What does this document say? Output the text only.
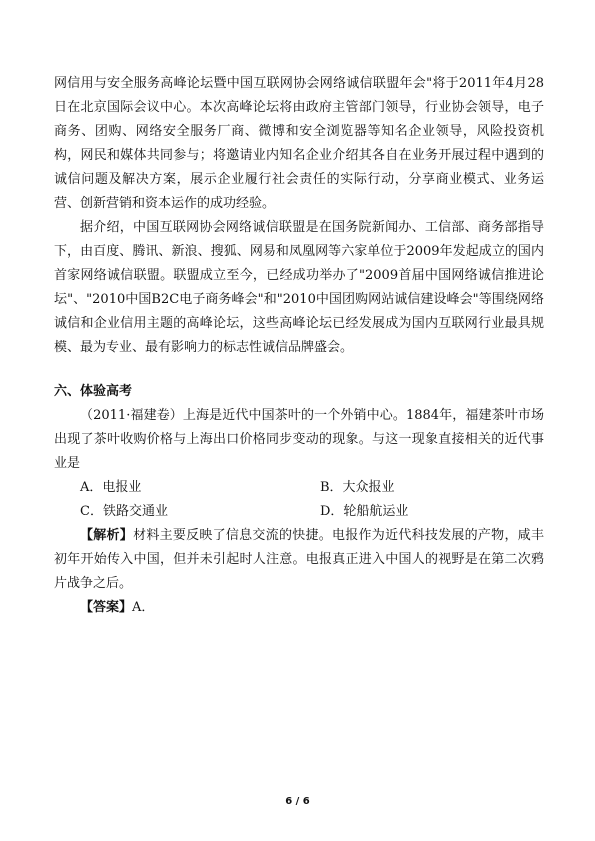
网信用与安全服务高峰论坛暨中国互联网协会网络诚信联盟年会"将于2011年4月28日在北京国际会议中心。本次高峰论坛将由政府主管部门领导，行业协会领导，电子商务、团购、网络安全服务厂商、微博和安全浏览器等知名企业领导，风险投资机构，网民和媒体共同参与；将邀请业内知名企业介绍其各自在业务开展过程中遇到的诚信问题及解决方案，展示企业履行社会责任的实际行动，分享商业模式、业务运营、创新营销和资本运作的成功经验。

据介绍，中国互联网协会网络诚信联盟是在国务院新闻办、工信部、商务部指导下，由百度、腾讯、新浪、搜狐、网易和凤凰网等六家单位于2009年发起成立的国内首家网络诚信联盟。联盟成立至今，已经成功举办了"2009首届中国网络诚信推进论坛"、"2010中国B2C电子商务峰会"和"2010中国团购网站诚信建设峰会"等围绕网络诚信和企业信用主题的高峰论坛，这些高峰论坛已经发展成为国内互联网行业最具规模、最为专业、最有影响力的标志性诚信品牌盛会。

六、体验高考

（2011·福建卷）上海是近代中国茶叶的一个外销中心。1884年，福建茶叶市场出现了茶叶收购价格与上海出口价格同步变动的现象。与这一现象直接相关的近代事业是

A．电报业	B．大众报业
C．铁路交通业	D．轮船航运业

【解析】材料主要反映了信息交流的快捷。电报作为近代科技发展的产物，咸丰初年开始传入中国，但并未引起时人注意。电报真正进入中国人的视野是在第二次鸦片战争之后。

【答案】A．

6 / 6
